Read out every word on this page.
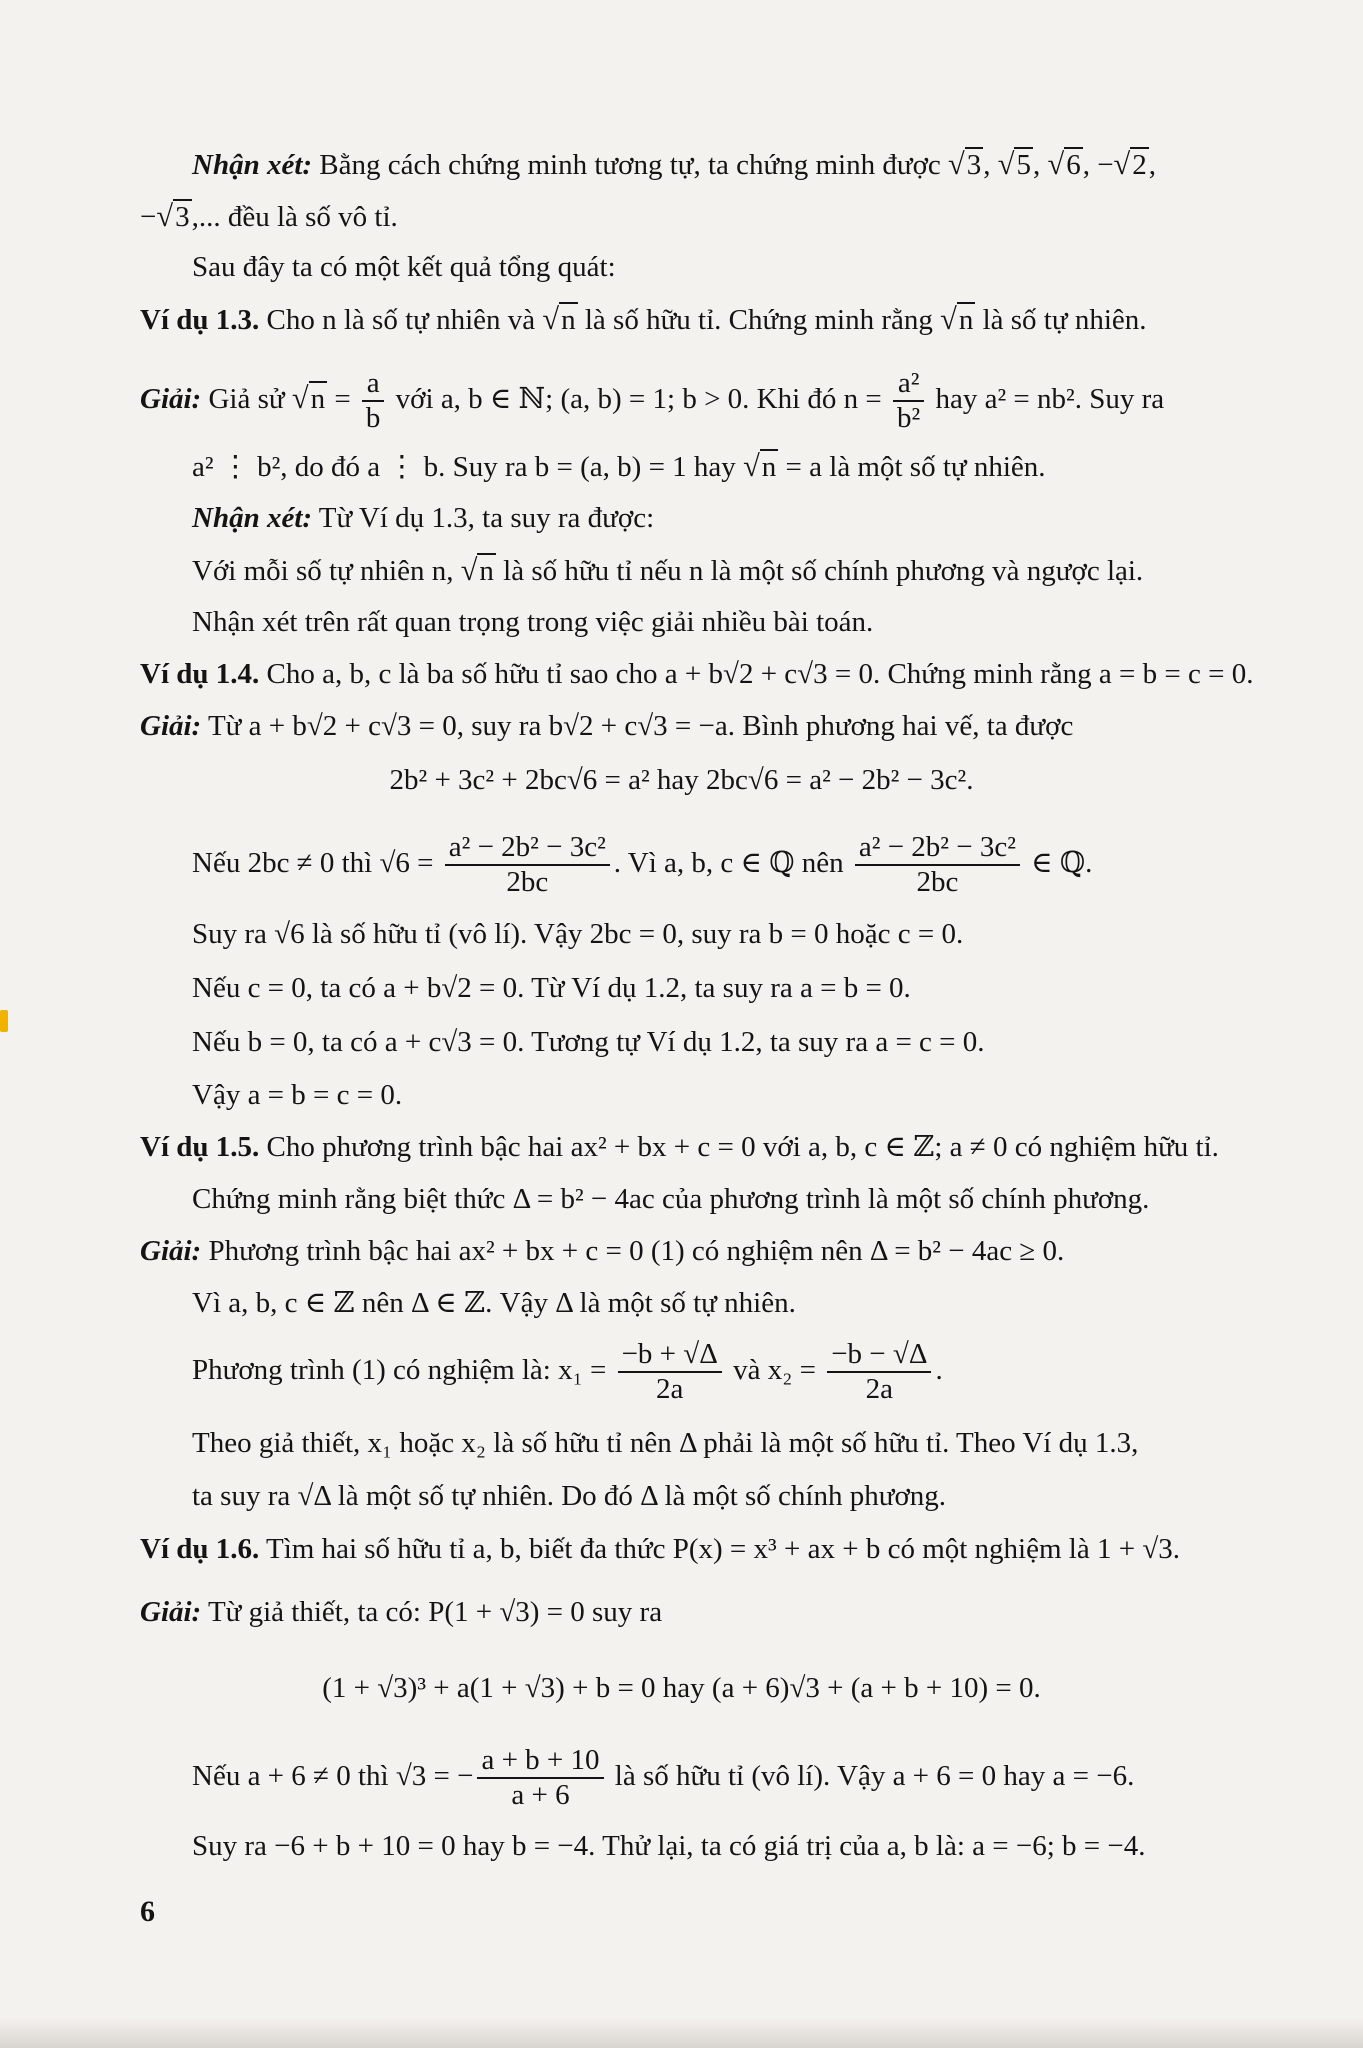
Nhận xét: Bằng cách chứng minh tương tự, ta chứng minh được √3, √5, √6, −√2,
−√3,... đều là số vô tỉ.
Sau đây ta có một kết quả tổng quát:
Ví dụ 1.3. Cho n là số tự nhiên và √n là số hữu tỉ. Chứng minh rằng √n là số tự nhiên.
Giải: Giả sử $√n = \frac{a}{b}$ với a, b ∈ ℕ; (a, b) = 1; b > 0. Khi đó $n = \frac{\text{a²}}{\text{b²}}$ hay a² = nb². Suy ra
a² ⋮ b², do đó a ⋮ b. Suy ra b = (a, b) = 1 hay √n = a là một số tự nhiên.
Nhận xét: Từ Ví dụ 1.3, ta suy ra được:
Với mỗi số tự nhiên n, √n là số hữu tỉ nếu n là một số chính phương và ngược lại.
Nhận xét trên rất quan trọng trong việc giải nhiều bài toán.
Ví dụ 1.4. Cho a, b, c là ba số hữu tỉ sao cho a + b√2 + c√3 = 0. Chứng minh rằng a = b = c = 0.
Giải: Từ a + b√2 + c√3 = 0, suy ra b√2 + c√3 = −a. Bình phương hai vế, ta được
2b² + 3c² + 2bc√6 = a² hay 2bc√6 = a² − 2b² − 3c².
Nếu 2bc ≠ 0 thì $√6 = \frac{\text{a² − 2b² − 3c²}}{2bc}$ . Vì a, b, c ∈ ℚ nên $\frac{\text{a² − 2b² − 3c²}}{2bc}$ ∈ ℚ.
Suy ra √6 là số hữu tỉ (vô lí). Vậy 2bc = 0, suy ra b = 0 hoặc c = 0.
Nếu c = 0, ta có a + b√2 = 0. Từ Ví dụ 1.2, ta suy ra a = b = 0.
Nếu b = 0, ta có a + c√3 = 0. Tương tự Ví dụ 1.2, ta suy ra a = c = 0.
Vậy a = b = c = 0.
Ví dụ 1.5. Cho phương trình bậc hai ax² + bx + c = 0 với a, b, c ∈ ℤ; a ≠ 0 có nghiệm hữu tỉ.
Chứng minh rằng biệt thức Δ = b² − 4ac của phương trình là một số chính phương.
Giải: Phương trình bậc hai ax² + bx + c = 0 (1) có nghiệm nên Δ = b² − 4ac ≥ 0.
Vì a, b, c ∈ ℤ nên Δ ∈ ℤ. Vậy Δ là một số tự nhiên.
Phương trình (1) có nghiệm là: $x_1 = \frac{-b + √\Delta}{2a}$ và $x_2 = \frac{-b - √\Delta}{2a}$ .
Theo giả thiết, x₁ hoặc x₂ là số hữu tỉ nên Δ phải là một số hữu tỉ. Theo Ví dụ 1.3,
ta suy ra √Δ là một số tự nhiên. Do đó Δ là một số chính phương.
Ví dụ 1.6. Tìm hai số hữu tỉ a, b, biết đa thức P(x) = x³ + ax + b có một nghiệm là 1 + √3.
Giải: Từ giả thiết, ta có: P(1 + √3) = 0 suy ra
(1 + √3)³ + a(1 + √3) + b = 0 hay (a + 6)√3 + (a + b + 10) = 0.
Nếu a + 6 ≠ 0 thì √3 = − $\frac{a + b + 10}{a + 6}$ là số hữu tỉ (vô lí). Vậy a + 6 = 0 hay a = −6.
Suy ra −6 + b + 10 = 0 hay b = −4. Thử lại, ta có giá trị của a, b là: a = −6; b = −4.
6
